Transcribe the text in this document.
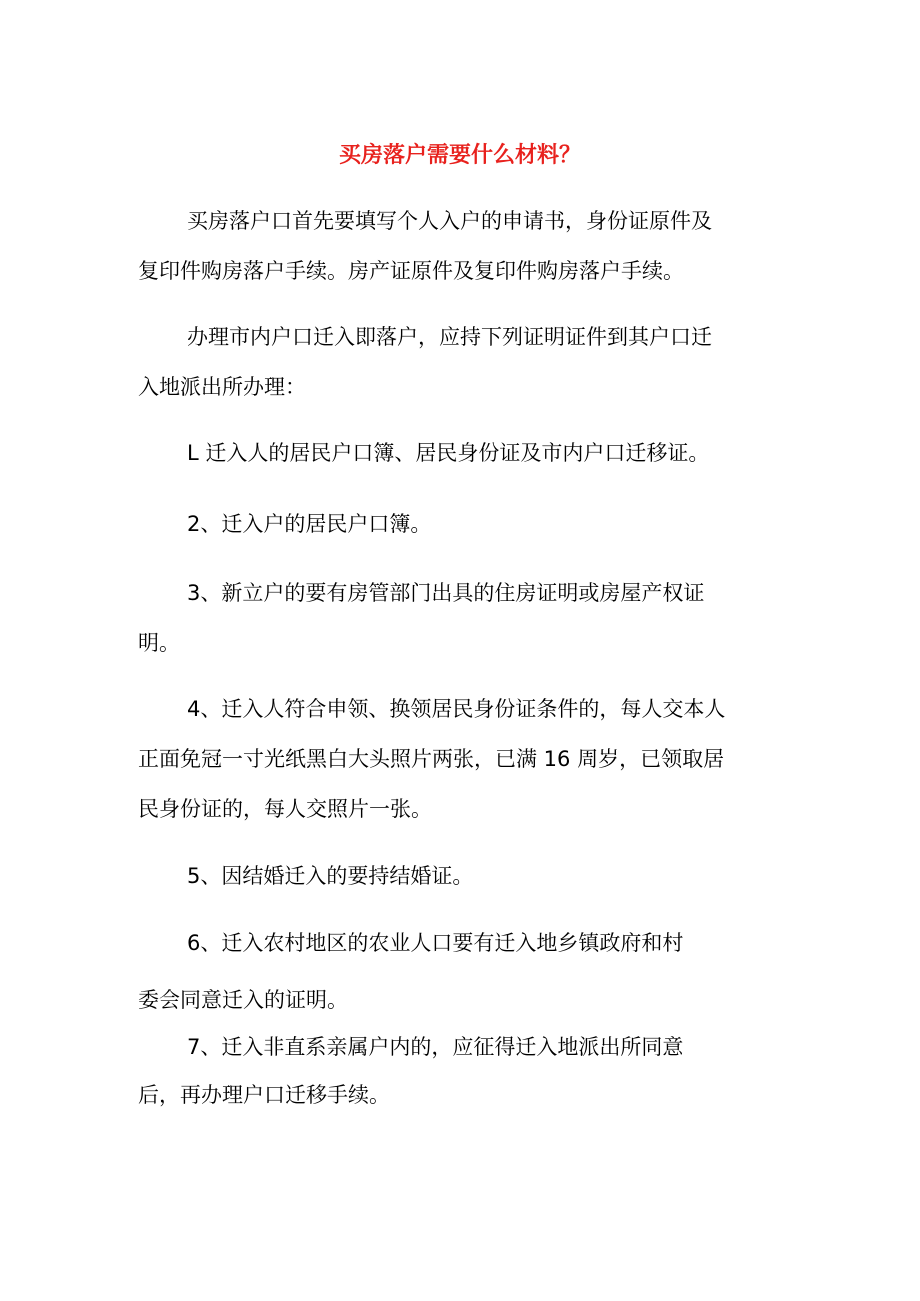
买房落户需要什么材料？
买房落户口首先要填写个人入户的申请书，身份证原件及
复印件购房落户手续。房产证原件及复印件购房落户手续。
办理市内户口迁入即落户，应持下列证明证件到其户口迁
入地派出所办理：
L 迁入人的居民户口簿、居民身份证及市内户口迁移证。
2、迁入户的居民户口簿。
3、新立户的要有房管部门出具的住房证明或房屋产权证
明。
4、迁入人符合申领、换领居民身份证条件的，每人交本人
正面免冠一寸光纸黑白大头照片两张，已满 16 周岁，已领取居
民身份证的，每人交照片一张。
5、因结婚迁入的要持结婚证。
6、迁入农村地区的农业人口要有迁入地乡镇政府和村
委会同意迁入的证明。
7、迁入非直系亲属户内的，应征得迁入地派出所同意
后，再办理户口迁移手续。
